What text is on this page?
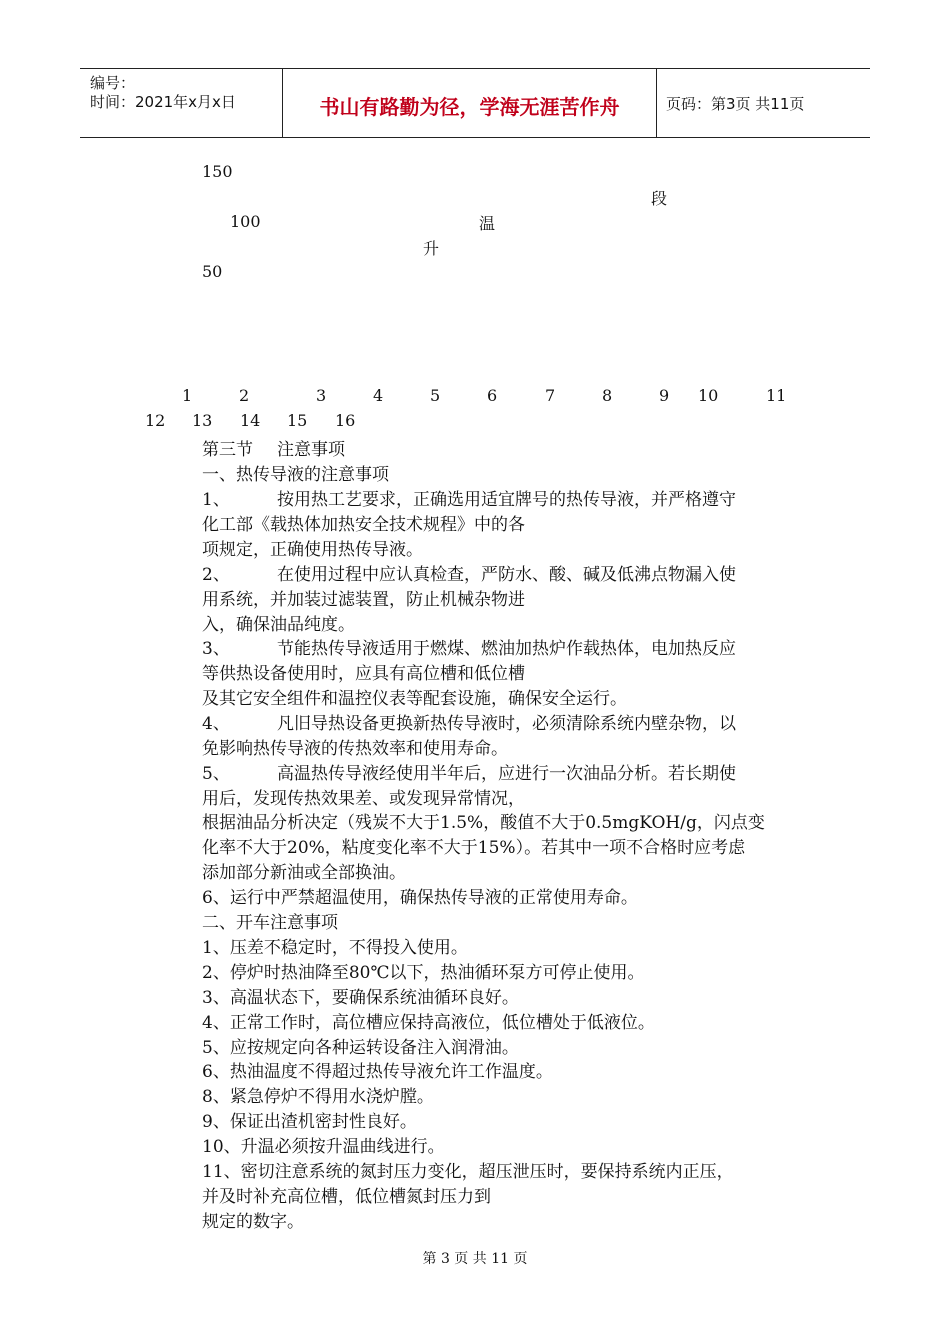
编号：
时间：2021年x月x日	书山有路勤为径，学海无涯苦作舟	页码：第3页 共11页
150
100
50
段
温
升
1	2	3	4	5	6	7	8	9 10	11
12 13 14 15 16
第三节 注意事项
一、热传导液的注意事项
1、	按用热工艺要求，正确选用适宜牌号的热传导液，并严格遵守
化工部《载热体加热安全技术规程》中的各
项规定，正确使用热传导液。
2、	在使用过程中应认真检查，严防水、酸、碱及低沸点物漏入使
用系统，并加装过滤装置，防止机械杂物进
入，确保油品纯度。
3、	节能热传导液适用于燃煤、燃油加热炉作载热体，电加热反应
等供热设备使用时，应具有高位槽和低位槽
及其它安全组件和温控仪表等配套设施，确保安全运行。
4、	凡旧导热设备更换新热传导液时，必须清除系统内壁杂物，以
免影响热传导液的传热效率和使用寿命。
5、	高温热传导液经使用半年后，应进行一次油品分析。若长期使
用后，发现传热效果差、或发现异常情况，
根据油品分析决定（残炭不大于1.5%，酸值不大于0.5mgKOH/g，闪点变
化率不大于20%，粘度变化率不大于15%）。若其中一项不合格时应考虑
添加部分新油或全部换油。
6、运行中严禁超温使用，确保热传导液的正常使用寿命。
二、开车注意事项
1、压差不稳定时，不得投入使用。
2、停炉时热油降至80℃以下，热油循环泵方可停止使用。
3、高温状态下，要确保系统油循环良好。
4、正常工作时，高位槽应保持高液位，低位槽处于低液位。
5、应按规定向各种运转设备注入润滑油。
6、热油温度不得超过热传导液允许工作温度。
8、紧急停炉不得用水浇炉膛。
9、保证出渣机密封性良好。
10、升温必须按升温曲线进行。
11、密切注意系统的氮封压力变化，超压泄压时，要保持系统内正压，
并及时补充高位槽，低位槽氮封压力到
规定的数字。
第 3 页 共 11 页
